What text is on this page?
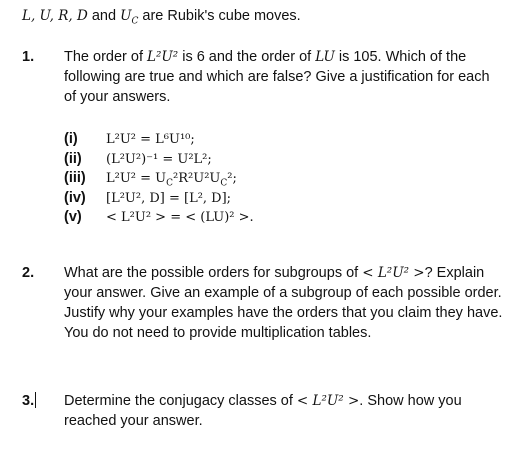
L, U, R, D and $U_C$ are Rubik's cube moves.
1. The order of L²U² is 6 and the order of LU is 105. Which of the following are true and which are false? Give a justification for each of your answers.
(i) L²U² = L⁶U¹⁰;
(ii) (L²U²)⁻¹ = U²L²;
(iii) $L^2U^2 = U_C^2R^2U^2U_C^2$;
(iv) [L²U², D] = [L², D];
(v) < L²U² > = < (LU)² >.
2. What are the possible orders for subgroups of < L²U² >? Explain your answer. Give an example of a subgroup of each possible order. Justify why your examples have the orders that you claim they have. You do not need to provide multiplication tables.
3. Determine the conjugacy classes of < L²U² >. Show how you reached your answer.
